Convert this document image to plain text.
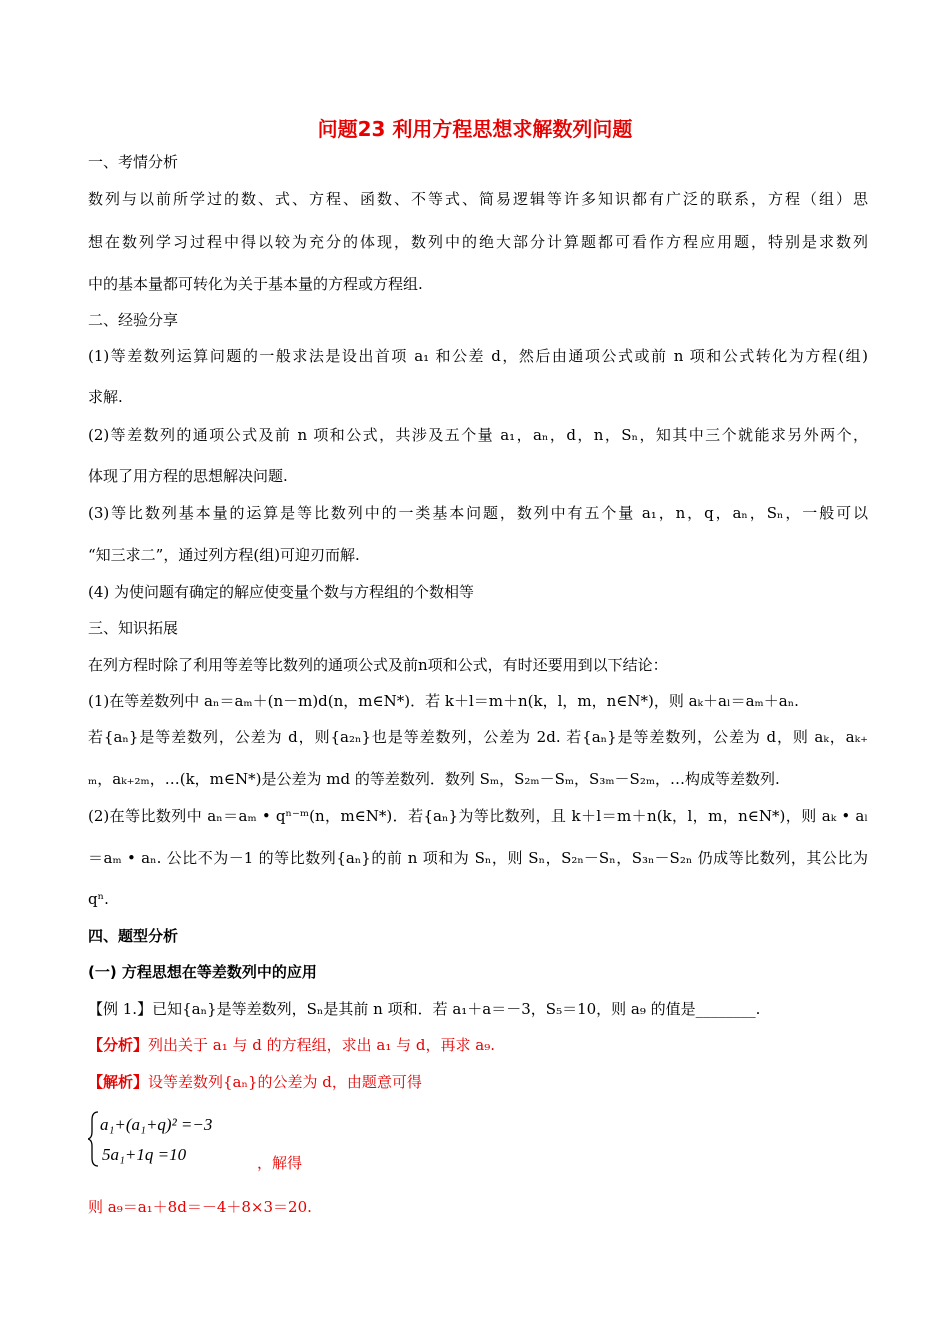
问题23 利用方程思想求解数列问题
一、考情分析
数列与以前所学过的数、式、方程、函数、不等式、简易逻辑等许多知识都有广泛的联系，方程（组）思
想在数列学习过程中得以较为充分的体现，数列中的绝大部分计算题都可看作方程应用题，特别是求数列
中的基本量都可转化为关于基本量的方程或方程组.
二、经验分享
(1)等差数列运算问题的一般求法是设出首项 a₁ 和公差 d，然后由通项公式或前 n 项和公式转化为方程(组)
求解.
(2)等差数列的通项公式及前 n 项和公式，共涉及五个量 a₁，aₙ，d，n，Sₙ，知其中三个就能求另外两个，
体现了用方程的思想解决问题.
(3)等比数列基本量的运算是等比数列中的一类基本问题，数列中有五个量 a₁，n，q，aₙ，Sₙ，一般可以
“知三求二”，通过列方程(组)可迎刃而解.
(4) 为使问题有确定的解应使变量个数与方程组的个数相等
三、知识拓展
在列方程时除了利用等差等比数列的通项公式及前n项和公式，有时还要用到以下结论：
(1)在等差数列中 aₙ＝aₘ＋(n－m)d(n，m∈N*)．若 k＋l＝m＋n(k，l，m，n∈N*)，则 aₖ＋aₗ＝aₘ＋aₙ.
若{aₙ}是等差数列，公差为 d，则{a₂ₙ}也是等差数列，公差为 2d. 若{aₙ}是等差数列，公差为 d，则 aₖ，aₖ₊
ₘ，aₖ₊₂ₘ，…(k，m∈N*)是公差为 md 的等差数列．数列 Sₘ，S₂ₘ－Sₘ，S₃ₘ－S₂ₘ，…构成等差数列.
(2)在等比数列中 aₙ＝aₘ • qⁿ⁻ᵐ(n，m∈N*)．若{aₙ}为等比数列，且 k＋l＝m＋n(k，l，m，n∈N*)，则 aₖ • aₗ
＝aₘ • aₙ. 公比不为－1 的等比数列{aₙ}的前 n 项和为 Sₙ，则 Sₙ，S₂ₙ－Sₙ，S₃ₙ－S₂ₙ 仍成等比数列，其公比为
qⁿ.
四、题型分析
(一) 方程思想在等差数列中的应用
【例 1.】已知{aₙ}是等差数列，Sₙ是其前 n 项和．若 a₁＋a＝－3，S₅＝10，则 a₉ 的值是________.
【分析】列出关于 a₁ 与 d 的方程组，求出 a₁ 与 d，再求 a₉.
【解析】设等差数列{aₙ}的公差为 d，由题意可得
a₁+(a₁+q)² =−3
5a₁+1q =10	，解得
则 a₉＝a₁＋8d＝－4＋8×3＝20.
